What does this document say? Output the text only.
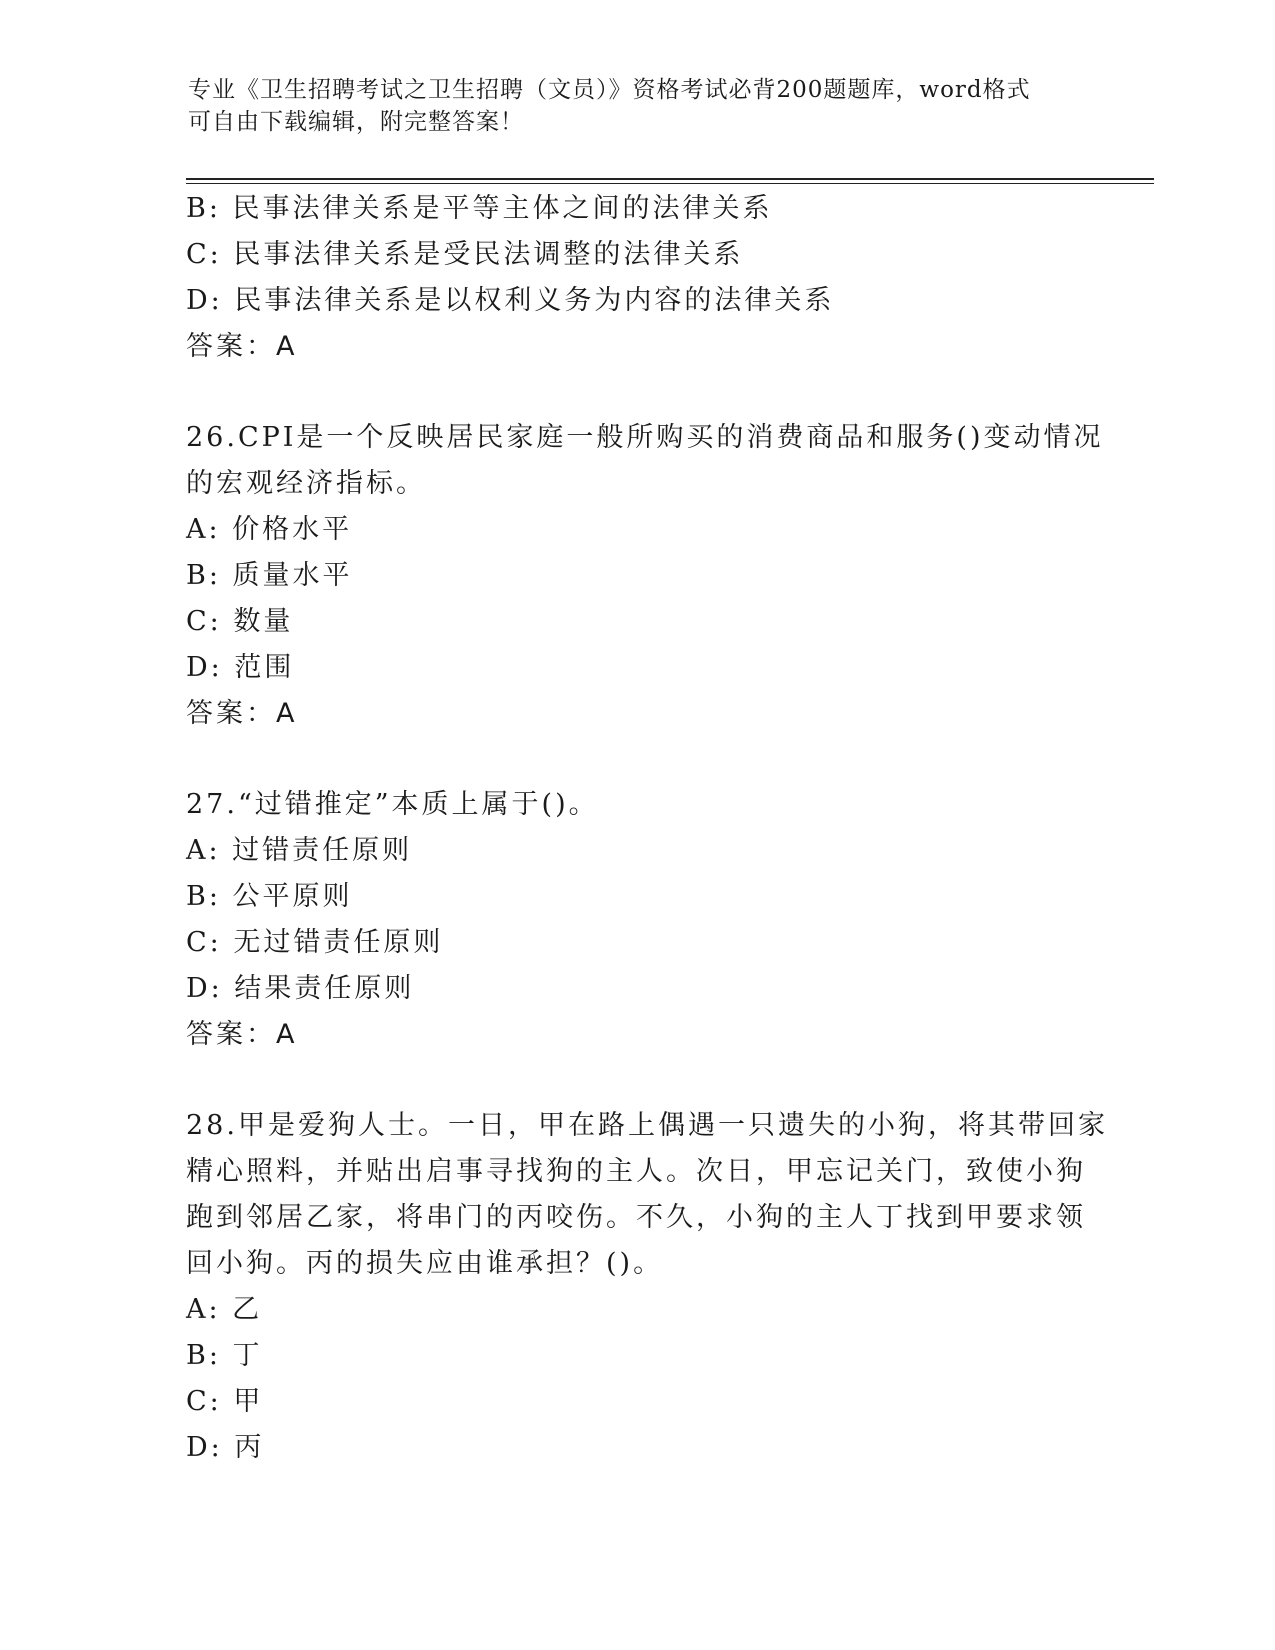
专业《卫生招聘考试之卫生招聘（文员）》资格考试必背200题题库，word格式
可自由下载编辑，附完整答案！
B: 民事法律关系是平等主体之间的法律关系
C: 民事法律关系是受民法调整的法律关系
D: 民事法律关系是以权利义务为内容的法律关系
答案：A
26.CPI是一个反映居民家庭一般所购买的消费商品和服务()变动情况
的宏观经济指标。
A: 价格水平
B: 质量水平
C: 数量
D: 范围
答案：A
27.“过错推定”本质上属于()。
A: 过错责任原则
B: 公平原则
C: 无过错责任原则
D: 结果责任原则
答案：A
28.甲是爱狗人士。一日，甲在路上偶遇一只遗失的小狗，将其带回家
精心照料，并贴出启事寻找狗的主人。次日，甲忘记关门，致使小狗
跑到邻居乙家，将串门的丙咬伤。不久，小狗的主人丁找到甲要求领
回小狗。丙的损失应由谁承担？()。
A: 乙
B: 丁
C: 甲
D: 丙
